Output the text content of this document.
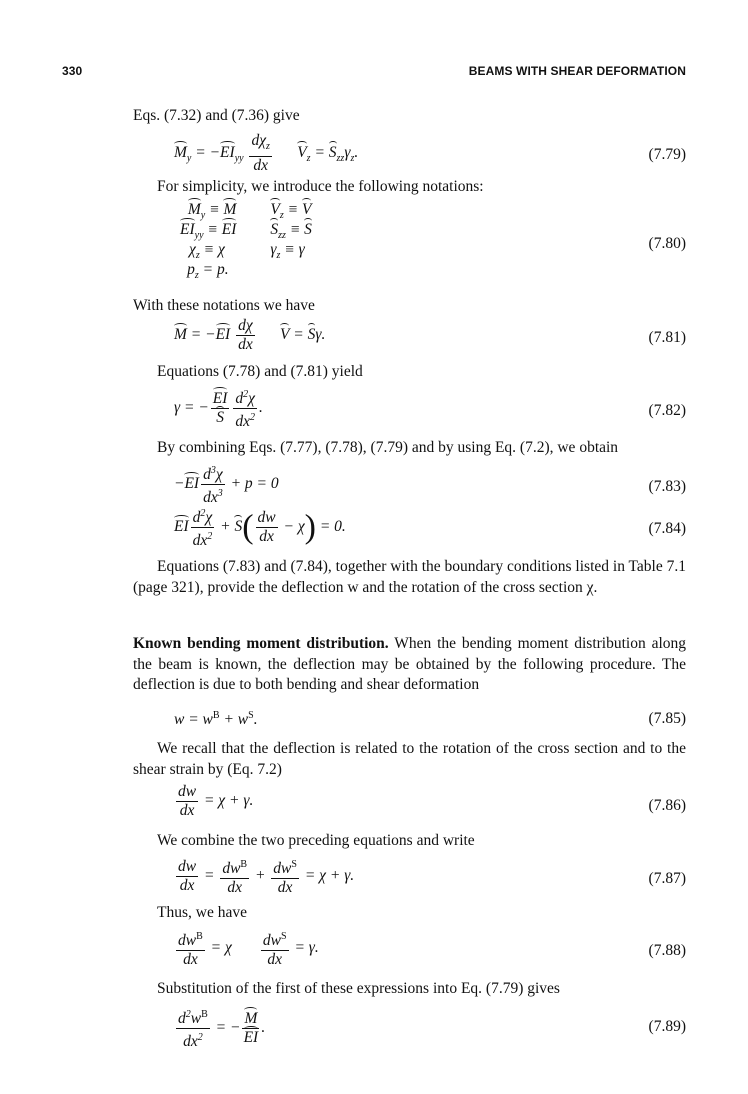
330	BEAMS WITH SHEAR DEFORMATION
Eqs. (7.32) and (7.36) give
$M_y = -EI_{yy} \frac{d\chi_z}{dx} V_z = S_{zz}\gamma_z$.	(7.79)
For simplicity, we introduce the following notations:
$M_y \equiv M$	$V_z \equiv V$
$EI_{yy}$ ≡ EI	$S_{zz} \equiv S$
$\chi_z \equiv \chi$	$\gamma_z \equiv \gamma$
$p_z = p$.	
(7.80)
With these notations we have
$M = -EI \frac{d\chi}{dx}$ V = Sγ.	(7.81)
Equations (7.78) and (7.81) yield
γ = − $\frac{EI}{S} \frac{d^2\chi}{dx^2}$ .	(7.82)
By combining Eqs. (7.77), (7.78), (7.79) and by using Eq. (7.2), we obtain
$-EI \frac{d^3\chi}{dx^3} + p = 0$	(7.83)
EI $\frac{d^2\chi}{dx^2} + S( \frac{dw}{dx} - \chi) = 0$.	(7.84)
Equations (7.83) and (7.84), together with the boundary conditions listed in Table 7.1 (page 321), provide the deflection w and the rotation of the cross section χ.
Known bending moment distribution. When the bending moment distribution along the beam is known, the deflection may be obtained by the following procedure. The deflection is due to both bending and shear deformation
$w = w^B + w^S$.	(7.85)
We recall that the deflection is related to the rotation of the cross section and to the shear strain by (Eq. 7.2)
$\frac{dw}{dx} = \chi + \gamma$.	(7.86)
We combine the two preceding equations and write
$\frac{dw}{dx} = \frac{dw^B}{dx} + \frac{dw^S}{dx} = \chi + \gamma$.	(7.87)
Thus, we have
$\frac{dw^B}{dx} = \chi \frac{dw^S}{dx} = \gamma$.	(7.88)
Substitution of the first of these expressions into Eq. (7.79) gives
$\frac{d^2w^B}{dx^2}$ = − $\frac{M}{EI}$ .	(7.89)
